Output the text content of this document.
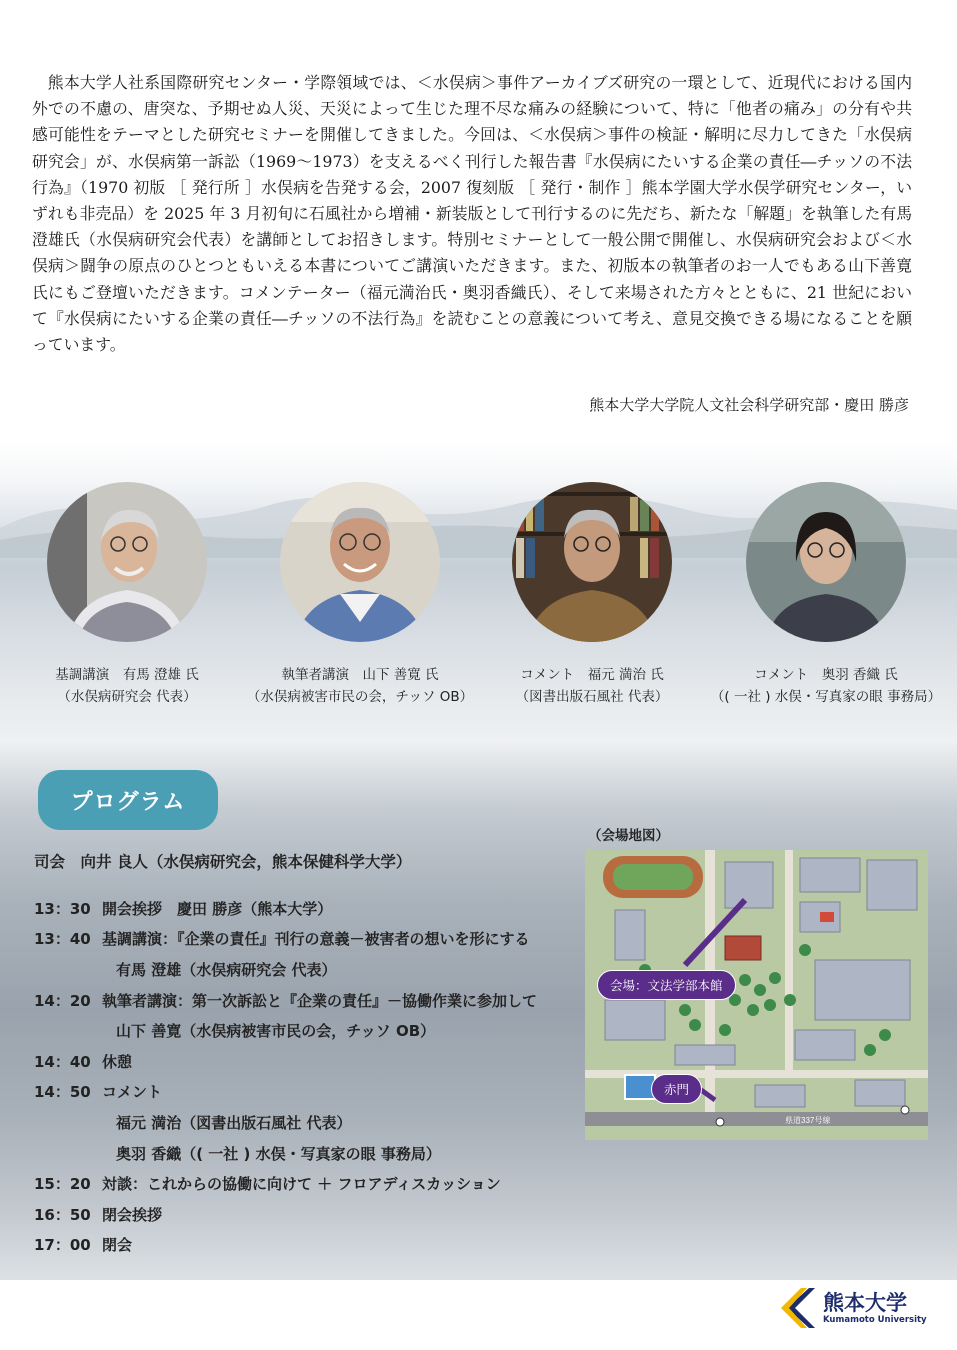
熊本大学人社系国際研究センター・学際領域では、＜水俣病＞事件アーカイブズ研究の一環として、近現代における国内外での不慮の、唐突な、予期せぬ人災、天災によって生じた理不尽な痛みの経験について、特に「他者の痛み」の分有や共感可能性をテーマとした研究セミナーを開催してきました。今回は、＜水俣病＞事件の検証・解明に尽力してきた「水俣病研究会」が、水俣病第一訴訟（1969〜1973）を支えるべく刊行した報告書『水俣病にたいする企業の責任―チッソの不法行為』（1970 初版 ［ 発行所 ］水俣病を告発する会，2007 復刻版 ［ 発行・制作 ］熊本学園大学水俣学研究センター，いずれも非売品）を 2025 年 3 月初旬に石風社から増補・新装版として刊行するのに先だち、新たな「解題」を執筆した有馬澄雄氏（水俣病研究会代表）を講師としてお招きします。特別セミナーとして一般公開で開催し、水俣病研究会および＜水俣病＞闘争の原点のひとつともいえる本書についてご講演いただきます。また、初版本の執筆者のお一人でもある山下善寛氏にもご登壇いただきます。コメンテーター（福元満治氏・奥羽香織氏）、そして来場された方々とともに、21 世紀において『水俣病にたいする企業の責任―チッソの不法行為』を読むことの意義について考え、意見交換できる場になることを願っています。

熊本大学大学院人文社会科学研究部・慶田 勝彦
基調講演　有馬 澄雄 氏
（水俣病研究会 代表）
執筆者講演　山下 善寛 氏
（水俣病被害市民の会，チッソ OB）
コメント　福元 満治 氏
（図書出版石風社 代表）
コメント　奥羽 香織 氏
（( 一社 ) 水俣・写真家の眼 事務局）
プログラム
司会　向井 良人（水俣病研究会，熊本保健科学大学）
13：30 開会挨拶　慶田 勝彦（熊本大学）
13：40 基調講演：『企業の責任』刊行の意義－被害者の想いを形にする
有馬 澄雄（水俣病研究会 代表）
14：20 執筆者講演：第一次訴訟と『企業の責任』－協働作業に参加して
山下 善寛（水俣病被害市民の会，チッソ OB）
14：40 休憩
14：50 コメント
福元 満治（図書出版石風社 代表）
奥羽 香織（( 一社 ) 水俣・写真家の眼 事務局）
15：20 対談：これからの協働に向けて ＋ フロアディスカッション
16：50 閉会挨拶
17：00 閉会
（会場地図）
県道337号線
会場：文法学部本館
赤門
熊本大学
Kumamoto University
